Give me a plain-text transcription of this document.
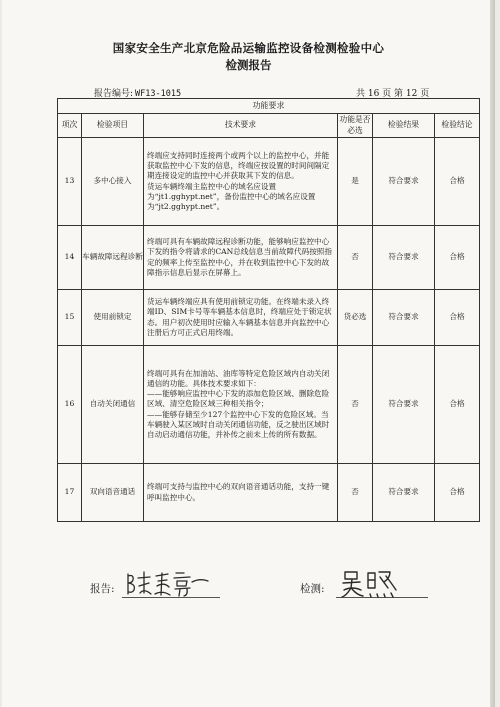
国家安全生产北京危险品运输监控设备检测检验中心
检测报告
报告编号: WF13-1015	共 16 页 第 12 页
功能要求					
项次	检验项目	技术要求	功能是否必选	检验结果	检验结论
13	多中心接入	终端应支持同时连接两个或两个以上的监控中心，并能获取监控中心下发的信息，终端应按设置的时间间隔定期连接设定的监控中心并获取其下发的信息。

货运车辆终端主监控中心的域名应设置为“jt1.gghypt.net”，备份监控中心的域名应设置为“jt2.gghypt.net”。	是	符合要求	合格
14	车辆故障远程诊断	终端可具有车辆故障远程诊断功能，能够响应监控中心下发的指令将请求的CAN总线信息当前故障代码按照指定的频率上传至监控中心，并在收到监控中心下发的故障指示信息后显示在屏幕上。	否	符合要求	合格
15	使用前锁定	货运车辆终端应具有使用前锁定功能。在终端未录入终端ID、SIM卡号等车辆基本信息时，终端应处于锁定状态。用户初次使用时应输入车辆基本信息并向监控中心注册后方可正式启用终端。	货必选	符合要求	合格
16	自动关闭通信	终端可具有在加油站、油库等特定危险区域内自动关闭通信的功能。具体技术要求如下：

——能够响应监控中心下发的添加危险区域、删除危险区域、清空危险区域三种相关指令；

——能够存储至少127个监控中心下发的危险区域。当车辆驶入某区域时自动关闭通信功能，反之驶出区域时自动启动通信功能，并补传之前未上传的所有数据。	否	符合要求	合格
17	双向语音通话	终端可支持与监控中心的双向语音通话功能，支持一键呼叫监控中心。	否	符合要求	合格
报告:	检测:
